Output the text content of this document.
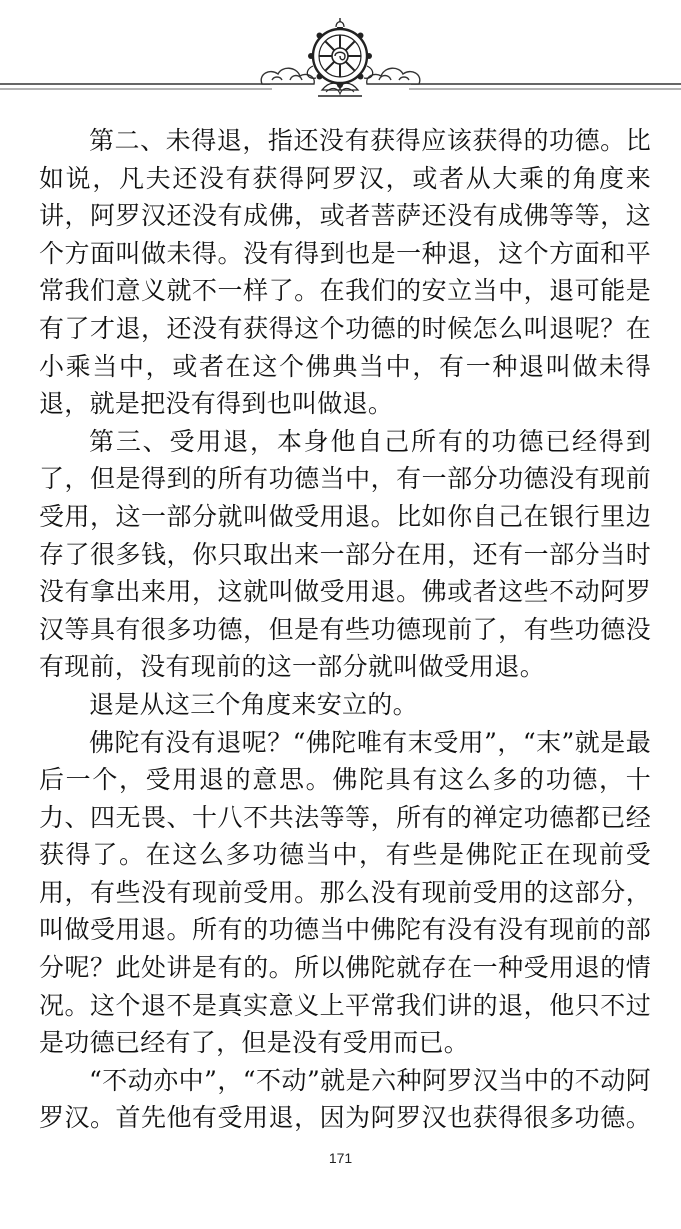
第二、未得退，指还没有获得应该获得的功德。比如说，凡夫还没有获得阿罗汉，或者从大乘的角度来讲，阿罗汉还没有成佛，或者菩萨还没有成佛等等，这个方面叫做未得。没有得到也是一种退，这个方面和平常我们意义就不一样了。在我们的安立当中，退可能是有了才退，还没有获得这个功德的时候怎么叫退呢？在小乘当中，或者在这个佛典当中，有一种退叫做未得退，就是把没有得到也叫做退。

第三、受用退，本身他自己所有的功德已经得到了，但是得到的所有功德当中，有一部分功德没有现前受用，这一部分就叫做受用退。比如你自己在银行里边存了很多钱，你只取出来一部分在用，还有一部分当时没有拿出来用，这就叫做受用退。佛或者这些不动阿罗汉等具有很多功德，但是有些功德现前了，有些功德没有现前，没有现前的这一部分就叫做受用退。

退是从这三个角度来安立的。

佛陀有没有退呢？“佛陀唯有末受用”，“末”就是最后一个，受用退的意思。佛陀具有这么多的功德，十力、四无畏、十八不共法等等，所有的禅定功德都已经获得了。在这么多功德当中，有些是佛陀正在现前受用，有些没有现前受用。那么没有现前受用的这部分，叫做受用退。所有的功德当中佛陀有没有没有现前的部分呢？此处讲是有的。所以佛陀就存在一种受用退的情况。这个退不是真实意义上平常我们讲的退，他只不过是功德已经有了，但是没有受用而已。

“不动亦中”，“不动”就是六种阿罗汉当中的不动阿罗汉。首先他有受用退，因为阿罗汉也获得很多功德。

171
